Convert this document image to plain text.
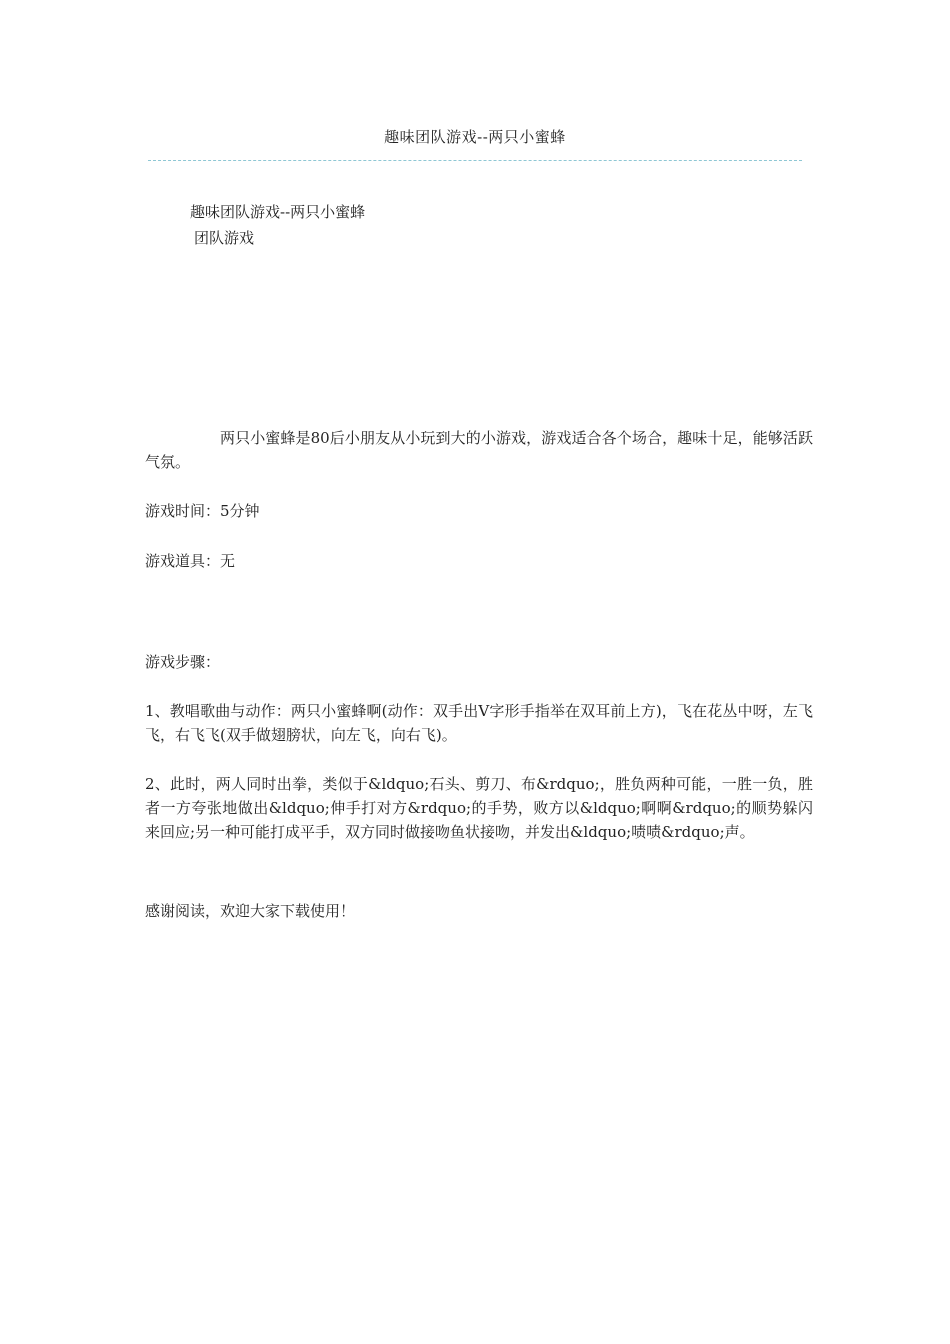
趣味团队游戏--两只小蜜蜂
趣味团队游戏--两只小蜜蜂
团队游戏
两只小蜜蜂是80后小朋友从小玩到大的小游戏，游戏适合各个场合，趣味十足，能够活跃气氛。
游戏时间：5分钟
游戏道具：无
游戏步骤：
1、教唱歌曲与动作：两只小蜜蜂啊(动作：双手出V字形手指举在双耳前上方)，飞在花丛中呀，左飞飞，右飞飞(双手做翅膀状，向左飞，向右飞)。
2、此时，两人同时出拳，类似于&ldquo;石头、剪刀、布&rdquo;，胜负两种可能，一胜一负，胜者一方夸张地做出&ldquo;伸手打对方&rdquo;的手势，败方以&ldquo;啊啊&rdquo;的顺势躲闪来回应;另一种可能打成平手，双方同时做接吻鱼状接吻，并发出&ldquo;啧啧&rdquo;声。
感谢阅读，欢迎大家下载使用！
